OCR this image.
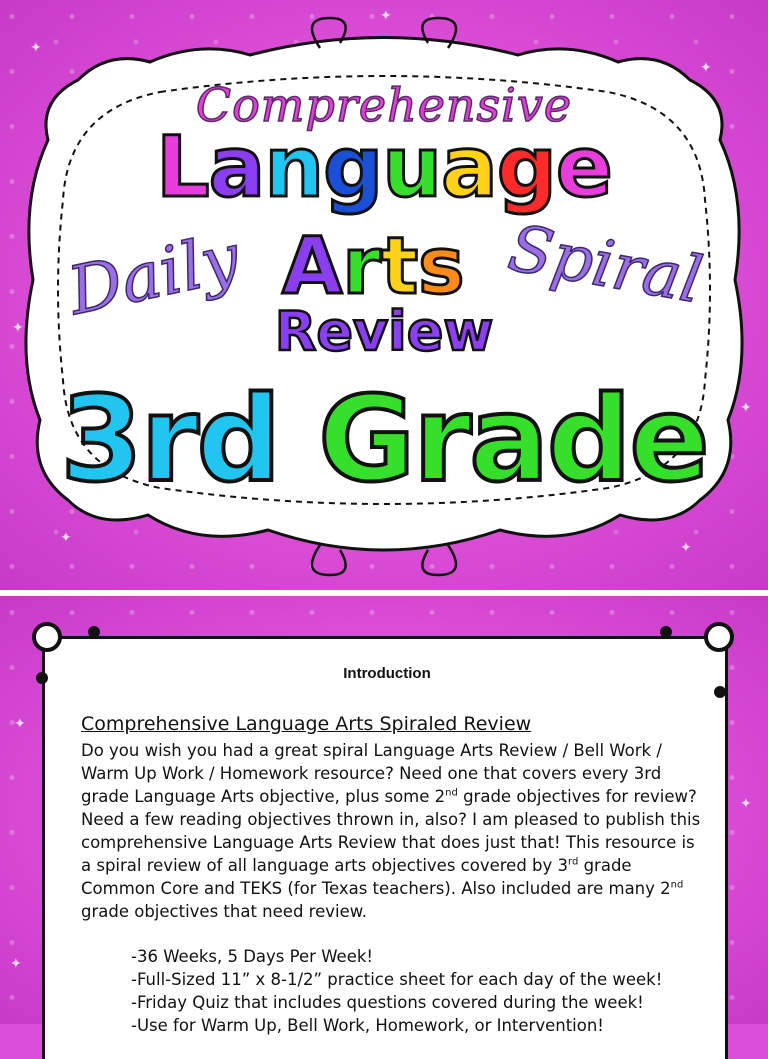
✦
✦
✦
✦
✦
✦
✦
Comprehensive
Language
Daily Arts Spiral
Review
3rd Grade
✦
✦
✦
Introduction
Comprehensive Language Arts Spiraled Review

Do you wish you had a great spiral Language Arts Review / Bell Work / Warm Up Work / Homework resource? Need one that covers every 3rd grade Language Arts objective, plus some 2nd grade objectives for review? Need a few reading objectives thrown in, also? I am pleased to publish this comprehensive Language Arts Review that does just that! This resource is a spiral review of all language arts objectives covered by 3rd grade Common Core and TEKS (for Texas teachers). Also included are many 2nd grade objectives that need review.

-36 Weeks, 5 Days Per Week!
-Full-Sized 11” x 8-1/2” practice sheet for each day of the week!
-Friday Quiz that includes questions covered during the week!
-Use for Warm Up, Bell Work, Homework, or Intervention!
